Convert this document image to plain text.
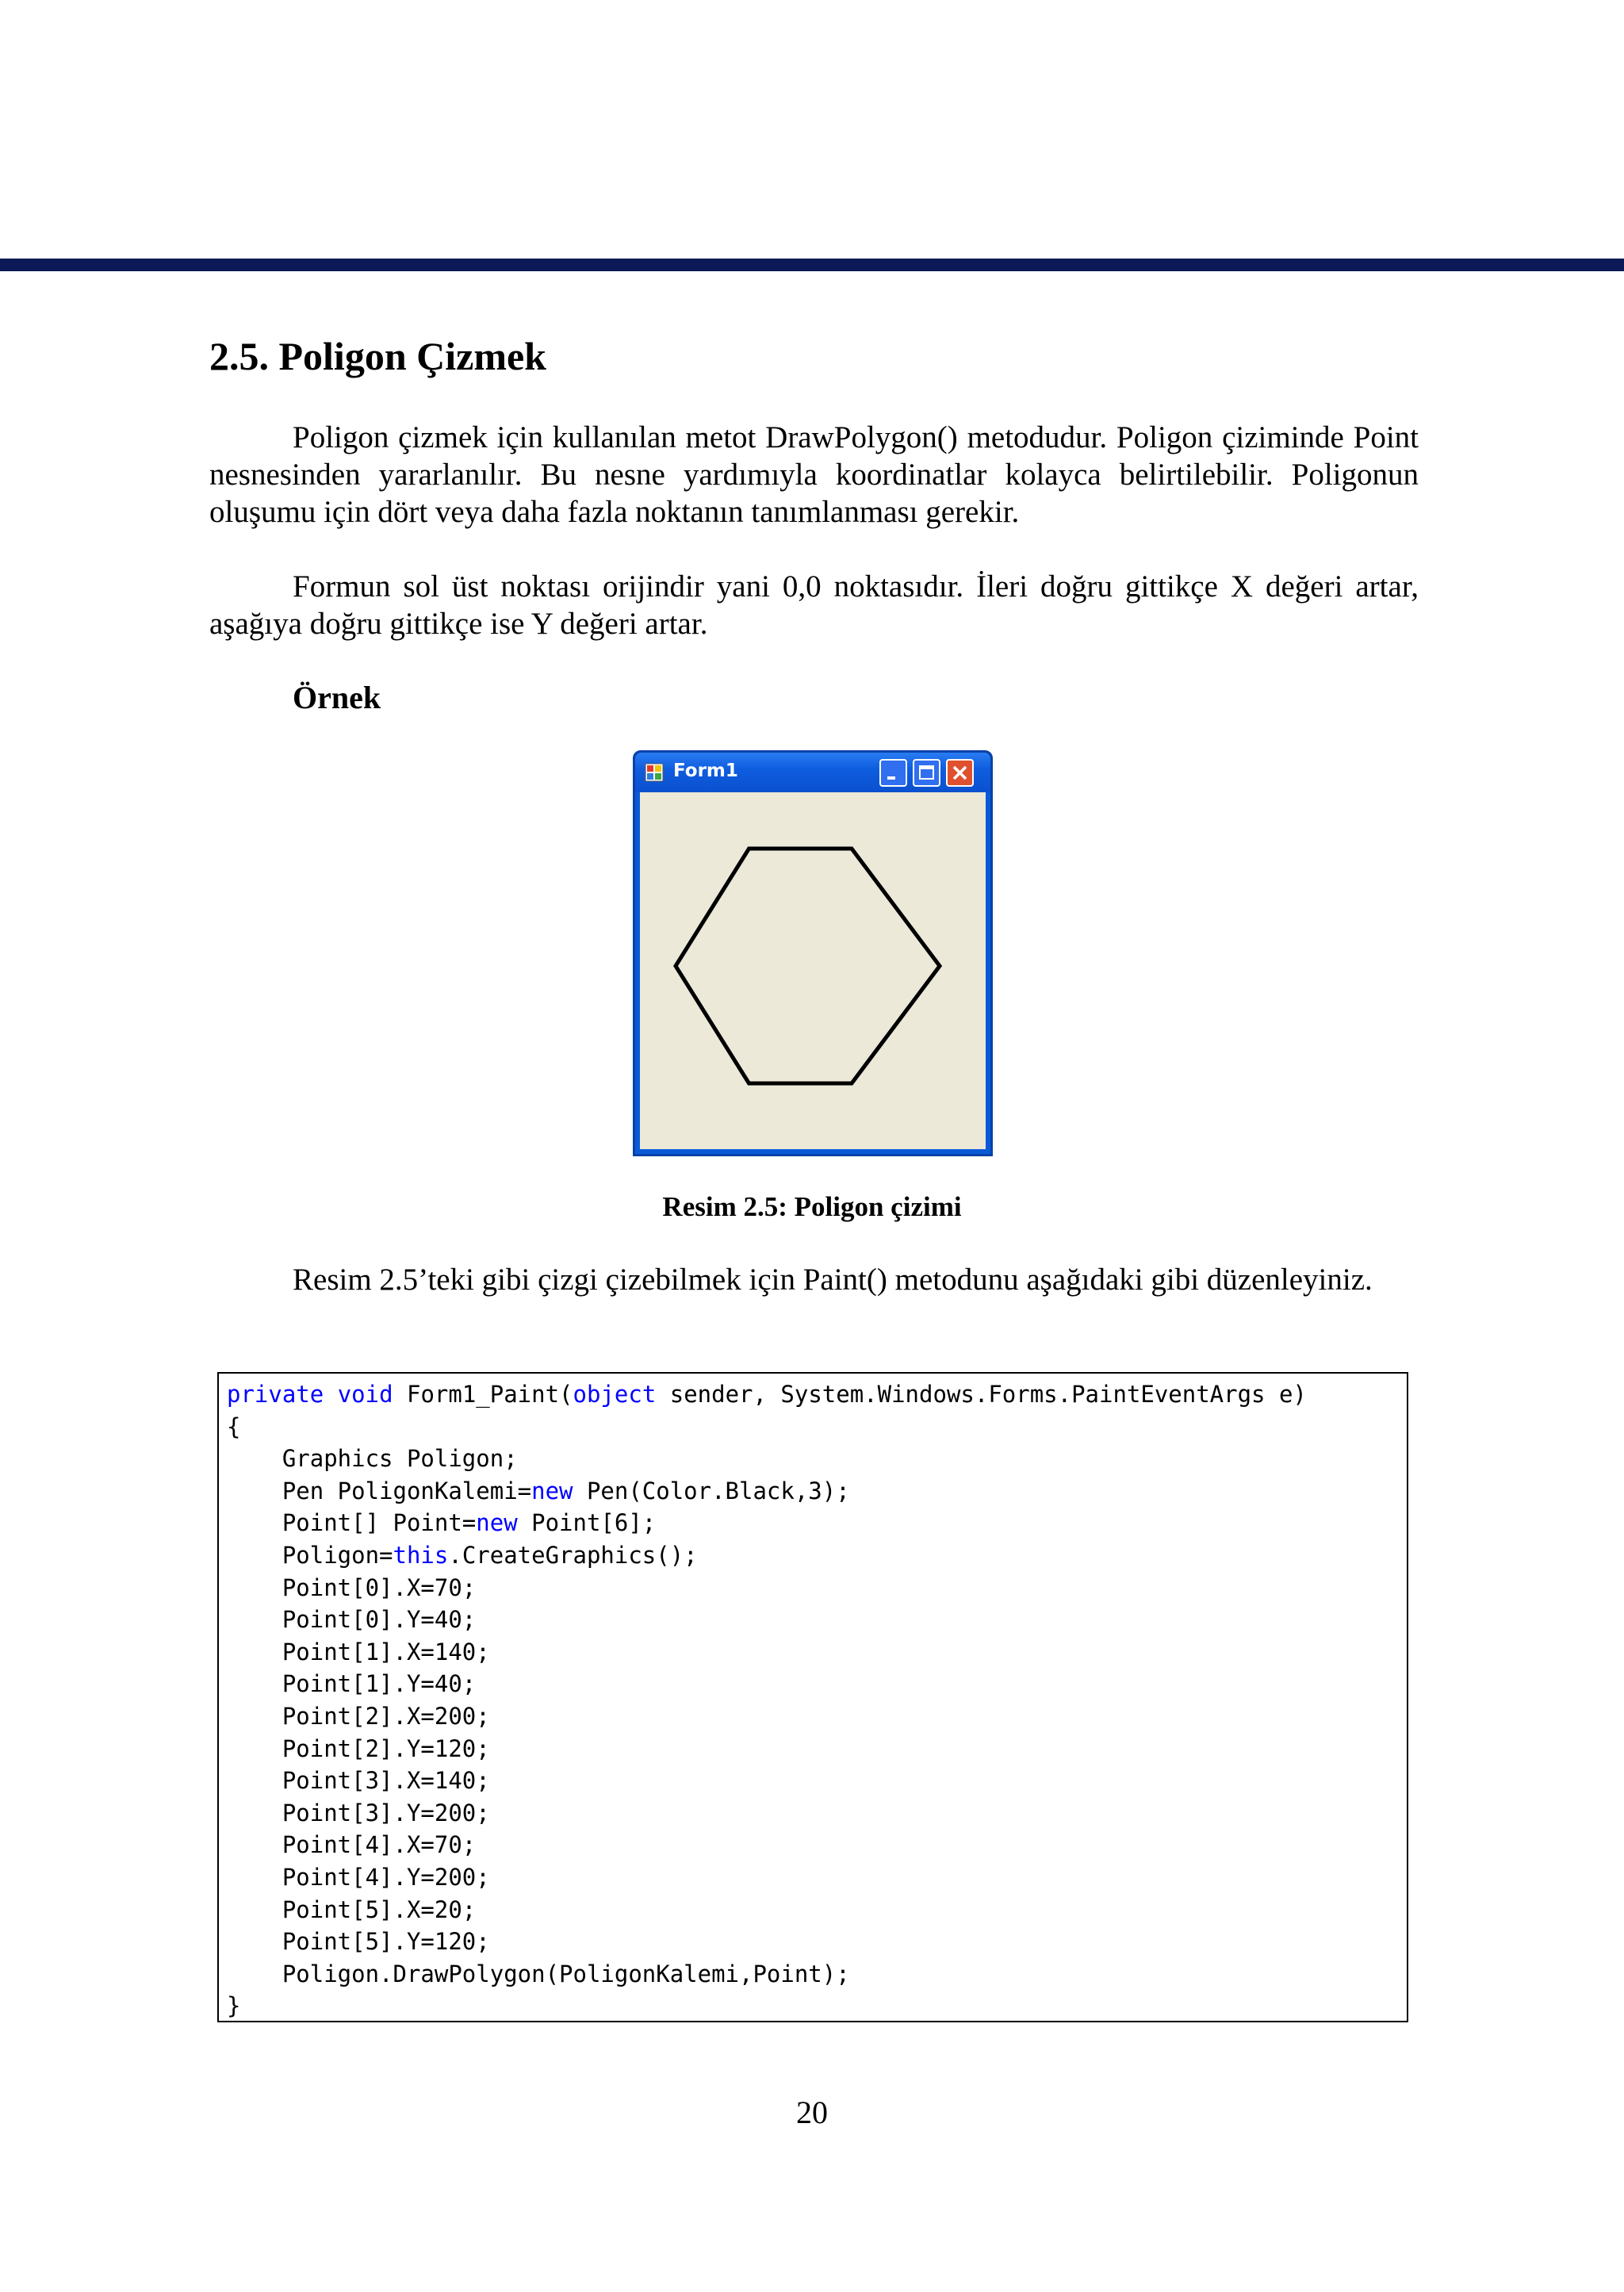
2.5. Poligon Çizmek

Poligon çizmek için kullanılan metot DrawPolygon() metodudur. Poligon çiziminde Point nesnesinden yararlanılır. Bu nesne yardımıyla koordinatlar kolayca belirtilebilir. Poligonun oluşumu için dört veya daha fazla noktanın tanımlanması gerekir.

Formun sol üst noktası orijindir yani 0,0 noktasıdır. İleri doğru gittikçe X değeri artar, aşağıya doğru gittikçe ise Y değeri artar.

Örnek

Form1

Resim 2.5: Poligon çizimi

Resim 2.5’teki gibi çizgi çizebilmek için Paint() metodunu aşağıdaki gibi düzenleyiniz.

private void Form1_Paint(object sender, System.Windows.Forms.PaintEventArgs e)
{
Graphics Poligon;
Pen PoligonKalemi=new Pen(Color.Black,3);
Point[] Point=new Point[6];
Poligon=this.CreateGraphics();
Point[0].X=70;
Point[0].Y=40;
Point[1].X=140;
Point[1].Y=40;
Point[2].X=200;
Point[2].Y=120;
Point[3].X=140;
Point[3].Y=200;
Point[4].X=70;
Point[4].Y=200;
Point[5].X=20;
Point[5].Y=120;
Poligon.DrawPolygon(PoligonKalemi,Point);
}

20
